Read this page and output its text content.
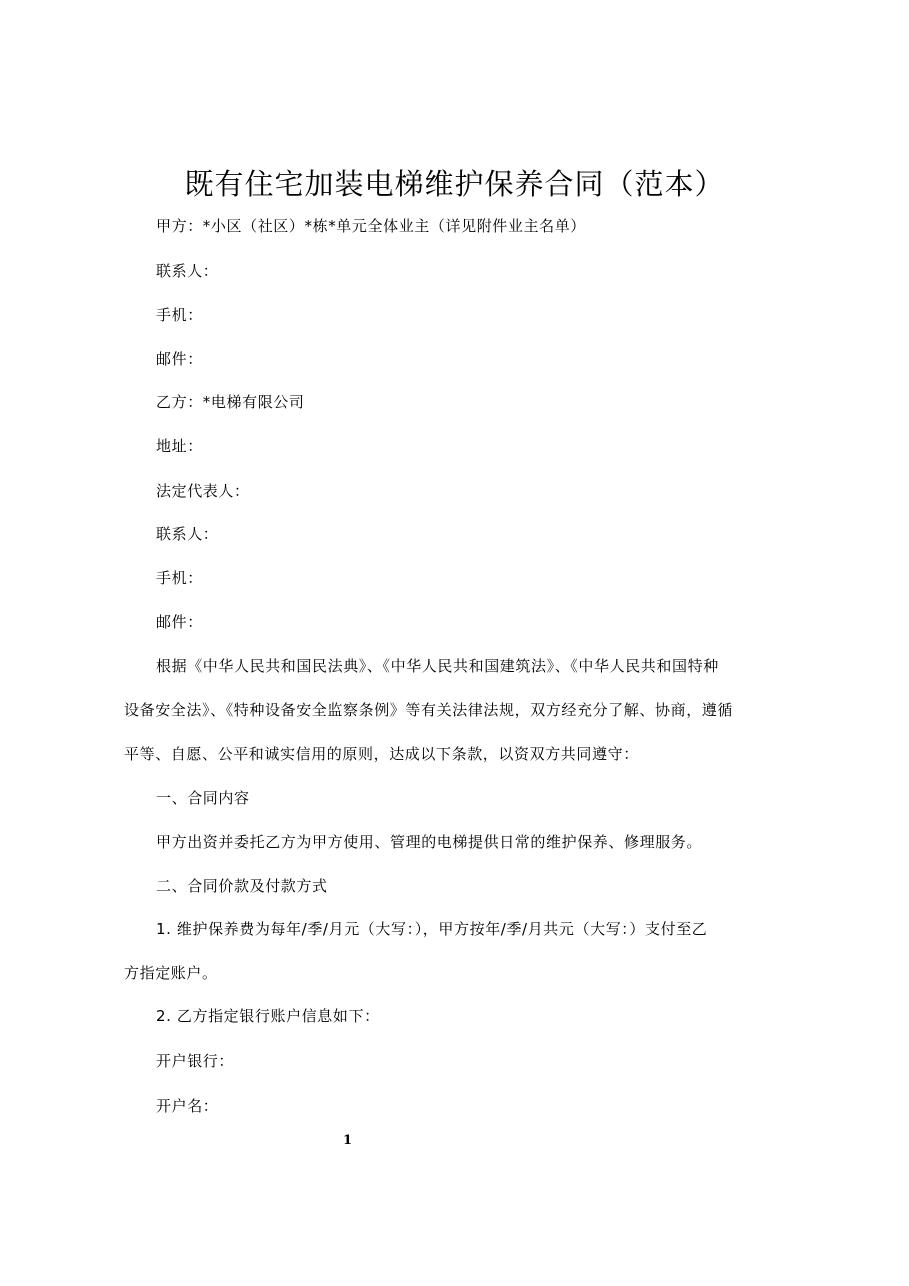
既有住宅加装电梯维护保养合同（范本）
甲方：*小区（社区）*栋*单元全体业主（详见附件业主名单）
联系人：
手机：
邮件：
乙方：*电梯有限公司
地址：
法定代表人：
联系人：
手机：
邮件：
根据《中华人民共和国民法典》、《中华人民共和国建筑法》、《中华人民共和国特种
设备安全法》、《特种设备安全监察条例》等有关法律法规，双方经充分了解、协商，遵循
平等、自愿、公平和诚实信用的原则，达成以下条款，以资双方共同遵守：
一、合同内容
甲方出资并委托乙方为甲方使用、管理的电梯提供日常的维护保养、修理服务。
二、合同价款及付款方式
1. 维护保养费为每年/季/月元（大写：），甲方按年/季/月共元（大写：）支付至乙
方指定账户。
2. 乙方指定银行账户信息如下：
开户银行：
开户名：
1
